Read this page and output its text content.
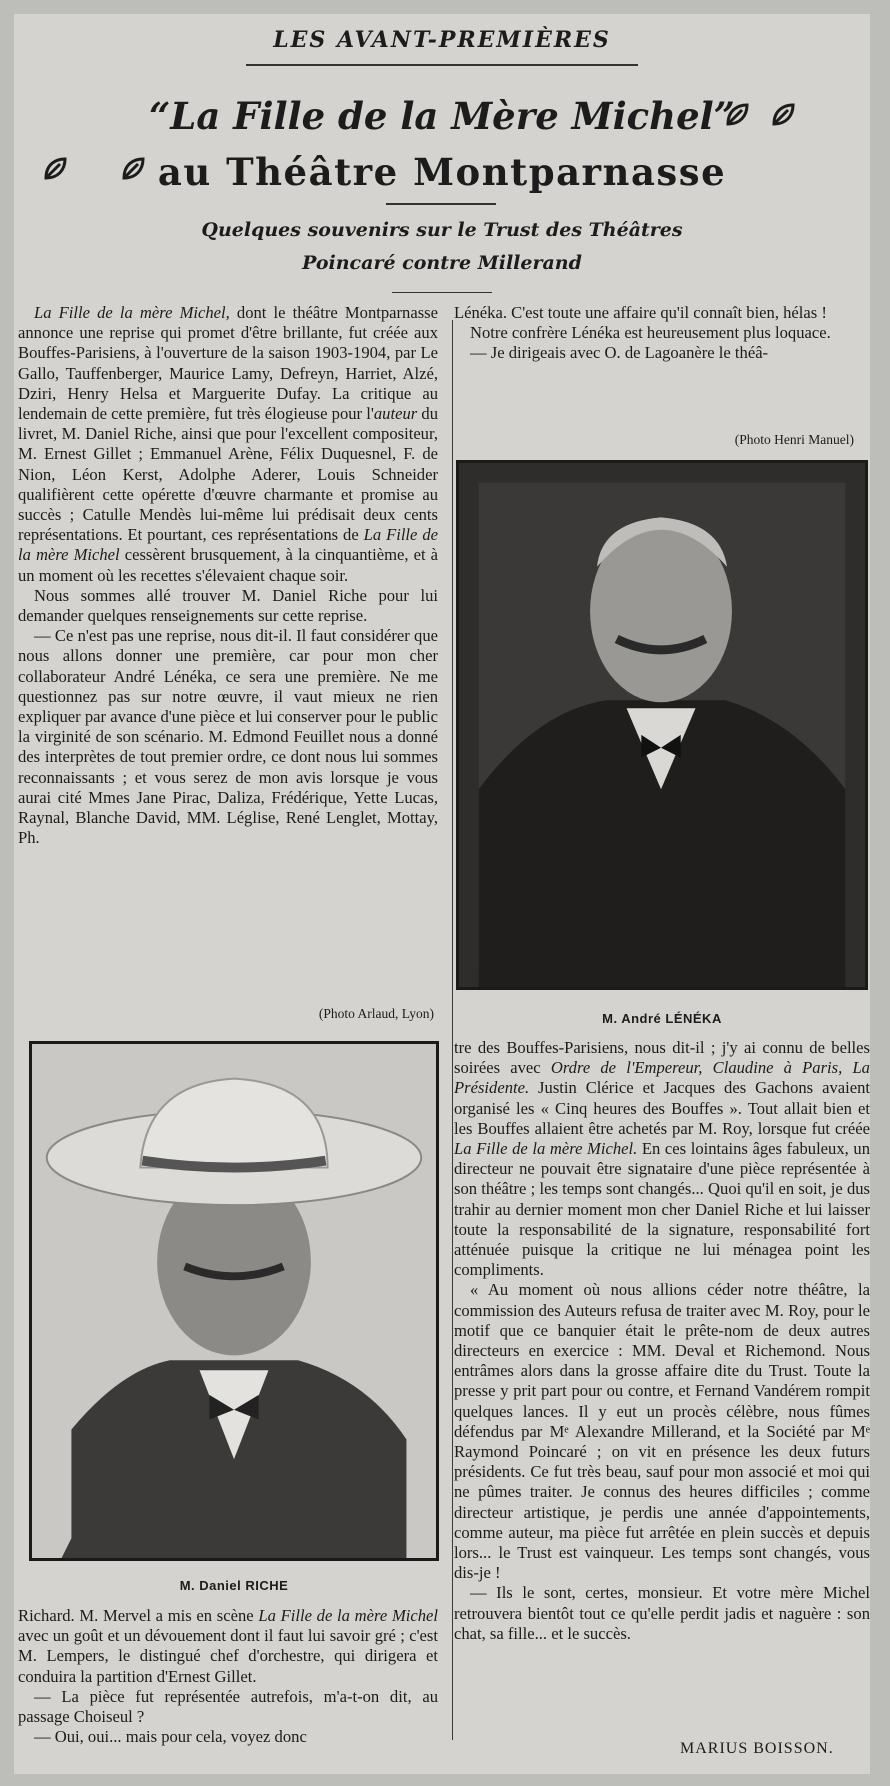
LES AVANT-PREMIÈRES
“La Fille de la Mère Michel”
au Théâtre Montparnasse
Quelques souvenirs sur le Trust des Théâtres
Poincaré contre Millerand

La Fille de la mère Michel, dont le théâtre Montparnasse annonce une reprise qui promet d'être brillante, fut créée aux Bouffes-Parisiens, à l'ouverture de la saison 1903-1904, par Le Gallo, Tauffenberger, Maurice Lamy, Defreyn, Harriet, Alzé, Dziri, Henry Helsa et Marguerite Dufay. La critique au lendemain de cette première, fut très élogieuse pour l'auteur du livret, M. Daniel Riche, ainsi que pour l'excellent compositeur, M. Ernest Gillet ; Emmanuel Arène, Félix Duquesnel, F. de Nion, Léon Kerst, Adolphe Aderer, Louis Schneider qualifièrent cette opérette d'œuvre charmante et promise au succès ; Catulle Mendès lui-même lui prédisait deux cents représentations. Et pourtant, ces représentations de La Fille de la mère Michel cessèrent brusquement, à la cinquantième, et à un moment où les recettes s'élevaient chaque soir.

Nous sommes allé trouver M. Daniel Riche pour lui demander quelques renseignements sur cette reprise.

— Ce n'est pas une reprise, nous dit-il. Il faut considérer que nous allons donner une première, car pour mon cher collaborateur André Lénéka, ce sera une première. Ne me questionnez pas sur notre œuvre, il vaut mieux ne rien expliquer par avance d'une pièce et lui conserver pour le public la virginité de son scénario. M. Edmond Feuillet nous a donné des interprètes de tout premier ordre, ce dont nous lui sommes reconnaissants ; et vous serez de mon avis lorsque je vous aurai cité Mmes Jane Pirac, Daliza, Frédérique, Yette Lucas, Raynal, Blanche David, MM. Léglise, René Lenglet, Mottay, Ph.

(Photo Arlaud, Lyon)
M. Daniel RICHE

Richard. M. Mervel a mis en scène La Fille de la mère Michel avec un goût et un dévouement dont il faut lui savoir gré ; c'est M. Lempers, le distingué chef d'orchestre, qui dirigera et conduira la partition d'Ernest Gillet.

— La pièce fut représentée autrefois, m'a-t-on dit, au passage Choiseul ?

— Oui, oui... mais pour cela, voyez donc

Lénéka. C'est toute une affaire qu'il connaît bien, hélas !

Notre confrère Lénéka est heureusement plus loquace.

— Je dirigeais avec O. de Lagoanère le théâ-

(Photo Henri Manuel)
M. André LÉNÉKA

tre des Bouffes-Parisiens, nous dit-il ; j'y ai connu de belles soirées avec Ordre de l'Empereur, Claudine à Paris, La Présidente. Justin Clérice et Jacques des Gachons avaient organisé les « Cinq heures des Bouffes ». Tout allait bien et les Bouffes allaient être achetés par M. Roy, lorsque fut créée La Fille de la mère Michel. En ces lointains âges fabuleux, un directeur ne pouvait être signataire d'une pièce représentée à son théâtre ; les temps sont changés... Quoi qu'il en soit, je dus trahir au dernier moment mon cher Daniel Riche et lui laisser toute la responsabilité de la signature, responsabilité fort atténuée puisque la critique ne lui ménagea point les compliments.

« Au moment où nous allions céder notre théâtre, la commission des Auteurs refusa de traiter avec M. Roy, pour le motif que ce banquier était le prête-nom de deux autres directeurs en exercice : MM. Deval et Richemond. Nous entrâmes alors dans la grosse affaire dite du Trust. Toute la presse y prit part pour ou contre, et Fernand Vandérem rompit quelques lances. Il y eut un procès célèbre, nous fûmes défendus par Mᵉ Alexandre Millerand, et la Société par Mᵉ Raymond Poincaré ; on vit en présence les deux futurs présidents. Ce fut très beau, sauf pour mon associé et moi qui ne pûmes traiter. Je connus des heures difficiles ; comme directeur artistique, je perdis une année d'appointements, comme auteur, ma pièce fut arrêtée en plein succès et depuis lors... le Trust est vainqueur. Les temps sont changés, vous dis-je !

— Ils le sont, certes, monsieur. Et votre mère Michel retrouvera bientôt tout ce qu'elle perdit jadis et naguère : son chat, sa fille... et le succès.

MARIUS BOISSON.
